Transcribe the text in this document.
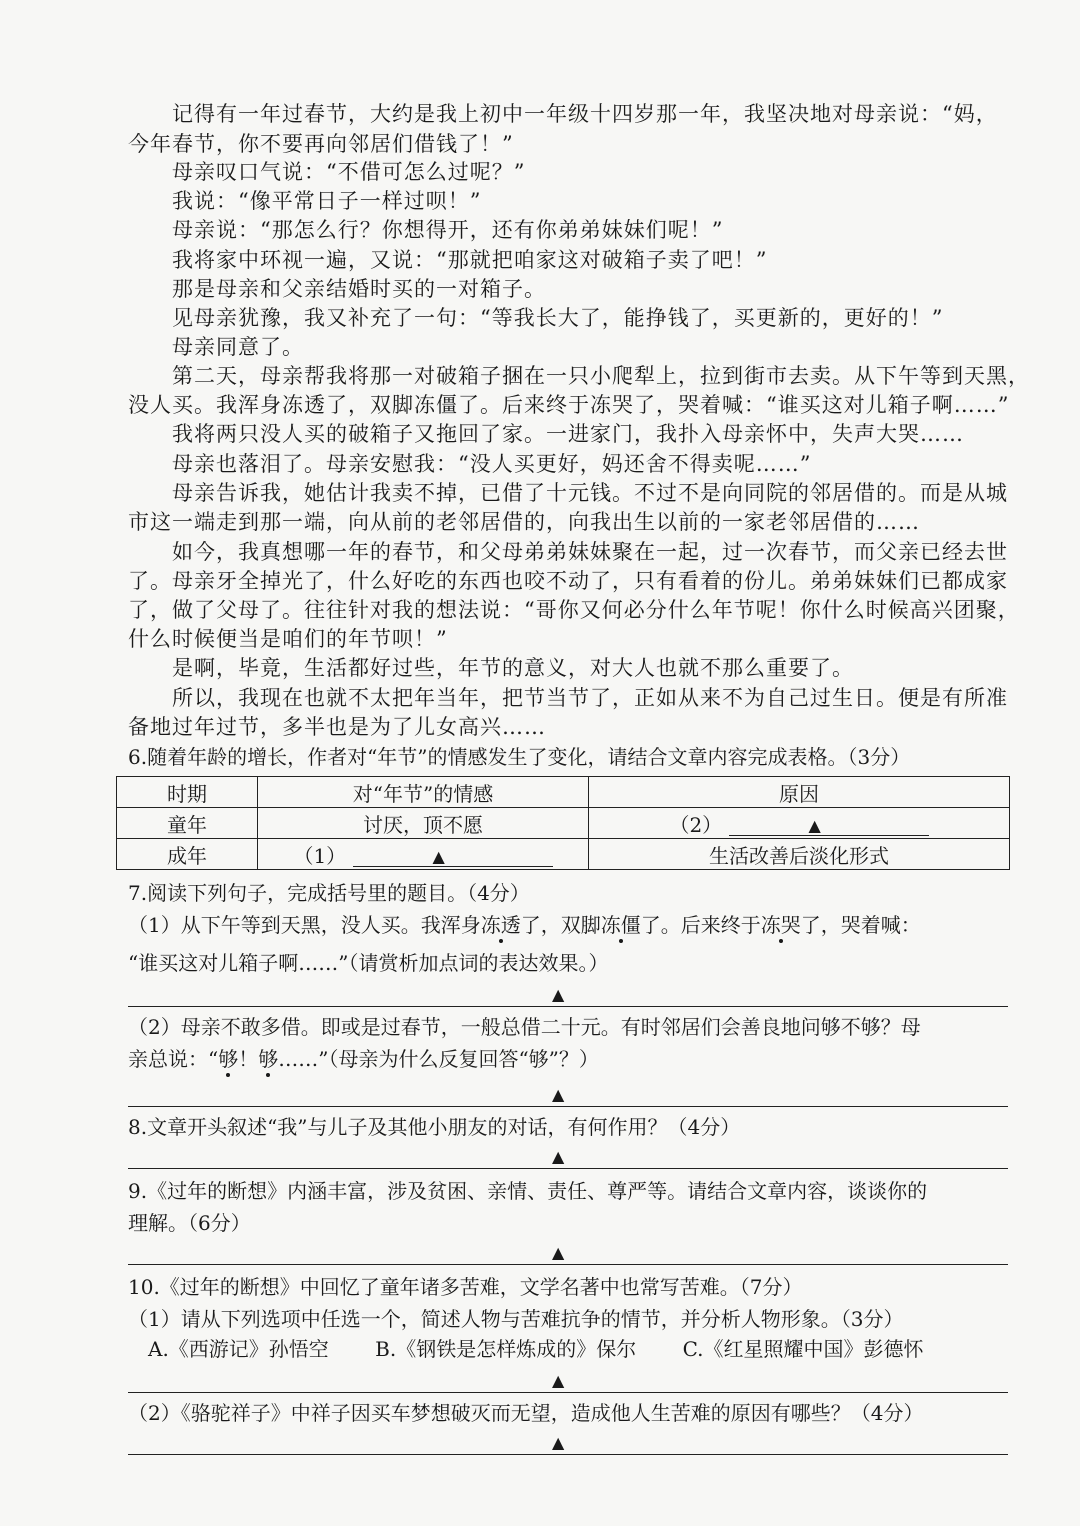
记得有一年过春节，大约是我上初中一年级十四岁那一年，我坚决地对母亲说：“妈，

今年春节，你不要再向邻居们借钱了！”

母亲叹口气说：“不借可怎么过呢？”

我说：“像平常日子一样过呗！”

母亲说：“那怎么行？你想得开，还有你弟弟妹妹们呢！”

我将家中环视一遍，又说：“那就把咱家这对破箱子卖了吧！”

那是母亲和父亲结婚时买的一对箱子。

见母亲犹豫，我又补充了一句：“等我长大了，能挣钱了，买更新的，更好的！”

母亲同意了。

第二天，母亲帮我将那一对破箱子捆在一只小爬犁上，拉到街市去卖。从下午等到天黑，

没人买。我浑身冻透了，双脚冻僵了。后来终于冻哭了，哭着喊：“谁买这对儿箱子啊……”

我将两只没人买的破箱子又拖回了家。一进家门，我扑入母亲怀中，失声大哭……

母亲也落泪了。母亲安慰我：“没人买更好，妈还舍不得卖呢……”

母亲告诉我，她估计我卖不掉，已借了十元钱。不过不是向同院的邻居借的。而是从城

市这一端走到那一端，向从前的老邻居借的，向我出生以前的一家老邻居借的……

如今，我真想哪一年的春节，和父母弟弟妹妹聚在一起，过一次春节，而父亲已经去世

了。母亲牙全掉光了，什么好吃的东西也咬不动了，只有看着的份儿。弟弟妹妹们已都成家

了，做了父母了。往往针对我的想法说：“哥你又何必分什么年节呢！你什么时候高兴团聚，

什么时候便当是咱们的年节呗！”

是啊，毕竟，生活都好过些，年节的意义，对大人也就不那么重要了。

所以，我现在也就不太把年当年，把节当节了，正如从来不为自己过生日。便是有所准

备地过年过节，多半也是为了儿女高兴……

6.随着年龄的增长，作者对“年节”的情感发生了变化，请结合文章内容完成表格。（3分）

时期	对“年节”的情感	原因
童年	讨厌，顶不愿	（2） ▲

成年	（1） ▲	生活改善后淡化形式

7.阅读下列句子，完成括号里的题目。（4分）

（1）从下午等到天黑，没人买。我浑身冻透了，双脚冻僵了。后来终于冻哭了，哭着喊：

“谁买这对儿箱子啊……”（请赏析加点词的表达效果。）

▲

（2）母亲不敢多借。即或是过春节，一般总借二十元。有时邻居们会善良地问够不够？母

亲总说：“够！够……”（母亲为什么反复回答“够”？）

▲

8.文章开头叙述“我”与儿子及其他小朋友的对话，有何作用？（4分）

▲

9.《过年的断想》内涵丰富，涉及贫困、亲情、责任、尊严等。请结合文章内容，谈谈你的

理解。（6分）

▲

10.《过年的断想》中回忆了童年诸多苦难，文学名著中也常写苦难。（7分）

（1）请从下列选项中任选一个，简述人物与苦难抗争的情节，并分析人物形象。（3分）

A.《西游记》孙悟空 B.《钢铁是怎样炼成的》保尔 C.《红星照耀中国》彭德怀

▲

（2）《骆驼祥子》中祥子因买车梦想破灭而无望，造成他人生苦难的原因有哪些？（4分）

▲
